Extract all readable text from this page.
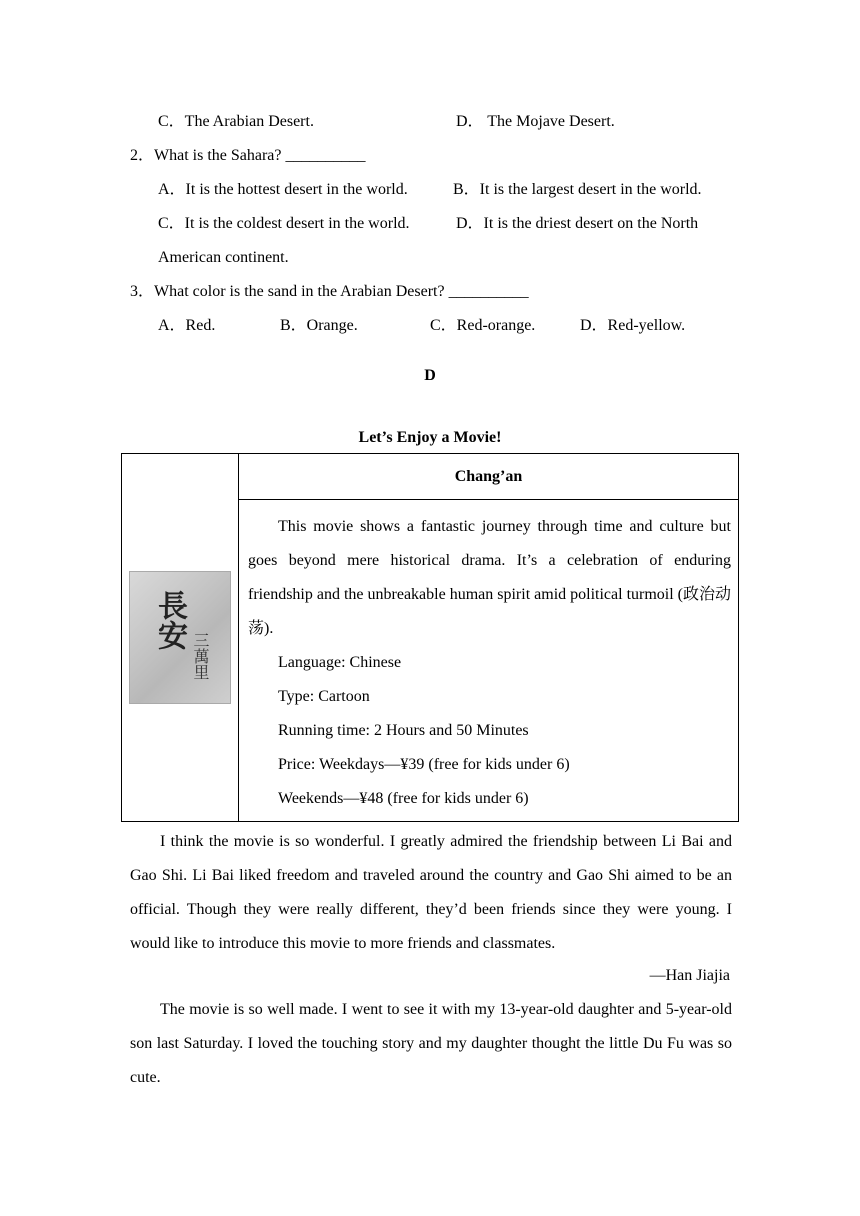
C．The Arabian Desert.	D． The Mojave Desert.
2．What is the Sahara? __________
A．It is the hottest desert in the world.	B．It is the largest desert in the world.
C．It is the coldest desert in the world.	D．It is the driest desert on the North
American continent.
3．What color is the sand in the Arabian Desert? __________
A．Red.	B．Orange.	C．Red-orange.	D．Red-yellow.
D
Let’s Enjoy a Movie!
長安
三萬里
	Chang’an

This movie shows a fantastic journey through time and culture but goes beyond mere historical drama. It’s a celebration of enduring friendship and the unbreakable human spirit amid political turmoil (政治动荡).

Language: Chinese

Type: Cartoon

Running time: 2 Hours and 50 Minutes

Price: Weekdays—¥39 (free for kids under 6)

Weekends—¥48 (free for kids under 6)

I think the movie is so wonderful. I greatly admired the friendship between Li Bai and Gao Shi. Li Bai liked freedom and traveled around the country and Gao Shi aimed to be an official. Though they were really different, they’d been friends since they were young. I would like to introduce this movie to more friends and classmates.

—Han Jiajia

The movie is so well made. I went to see it with my 13-year-old daughter and 5-year-old son last Saturday. I loved the touching story and my daughter thought the little Du Fu was so cute.
